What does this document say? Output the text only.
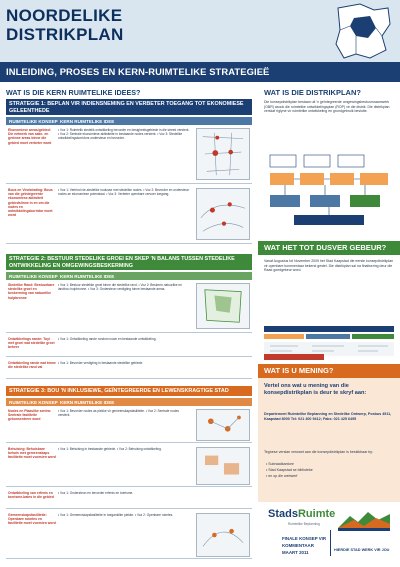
NOORDELIKE
DISTRIKPLAN
INLEIDING, PROSES EN KERN-RUIMTELIKE STRATEGIEË
WAT IS DIE KERN RUIMTELIKE IDEES?
STRATEGIE 1: BEPLAN VIR INDIENSNEMING EN VERBETER TOEGANG TOT EKONOMIESE GELEENTHEDE
RUIMTELIKE KONSEP KERN RUIMTELIKE IDEE
Ekonomiese areas/gebied: Die netwerk van sake- en geriewe areas binne die gebied moet verbeter word
• Voz 1: Ruimtelik stedelik ontwikkeling bevorder en besigheidsgebiede in die streek versterk. • Voz 2: Sentrale ekonomiese aktiwiteite in bestaande nodes versterk. • Voz 3: Stedelike ontwikkelingskorridors ondersteun en bevorder.
Bous en Vindstrating: Bous van die geïntegreerde ekonomiese aktiwiteit gebiedslinne in en om die nodes en ontwikkelingskorridor moet word
• Voz 1: Verbind nie-stedelike nodusse met stedelike nodes. • Voz 2: Bevorder en ondersteun nodes se ekonomiese potensiaal. • Voz 3: Verbeter openbare vervoer toegang.
STRATEGIE 2: BESTUUR STEDELIKE GROEI EN SKEP 'N BALANS TUSSEN STEDELIKE ONTWIKKELING EN OMGEWINGSBESKERMING
RUIMTELIKE KONSEP KERN RUIMTELIKE IDEE
Stedelike Rand: Bestuurbare stedelike groei en beskerming van natuurlike hulpbronne
• Voz 1: Bestuur stedelike groei binne die stedelike rand. • Voz 2: Beskerm natuurlike en landbou hulpbronne. • Voz 3: Ondersteun verdigting binne bestaande areas.
Ontwikkelings rande: Tuyl met groei wat stedelike groei beheer
• Voz 1: Ontwikkeling rande rondom nuwe en bestaande ontwikkeling.
Ontwikkeling rande wat binne die stedelike rand val
• Voz 1: Bevorder verdigting in bestaande stedelike gebiede.
STRATEGIE 3: BOU 'N INKLUSIEWE, GEÏNTEGREERDE EN LEWENSKRAGTIGE STAD
RUIMTELIKE KONSEP KERN RUIMTELIKE IDEE
Nodes en Plaaslike sentra: Sentrale fasiliteite gekonsentreer word
• Voz 1: Bevorder nodes as plekke vir gemeenskapsfasiliteite. • Voz 2: Sentrale nodes versterk.
Behuising: Behuisbare behuis met gemeenskaps fasiliteite moet voorsien word
• Voz 1: Behuising in bestaande gebiede. • Voz 2: Behuising ontwikkeling.
Ontwikkeling van erfenis en toerisme-bates in die gebied
• Voz 1: Ondersteun en bevorder erfenis en toerisme.
Gemeenskapsfasiliteite: Openbare ruimtes en fasiliteite moet voorsien word
• Voz 1: Gemeenskapsfasiliteite in toeganklike plekke. • Voz 2: Openbare ruimtes.
WAT IS DIE DISTRIKPLAN?
Die konsepdistrikplan bestaan uit 'n geïntegreerde omgewingsbestuursraamwerk (OBR) asook die ruimtelike ontwikkelingsplan (ROP) vir die distrik. Die distrikplan verskaf riglyne vir ruimtelike ontwikkeling en grondgebruik besluite.
WAT HET TOT DUSVER GEBEUR?
Vanaf Augustus tot November 2009 het Stad Kaapstad die eerste konsepdistrikplan vir openbare kommentaar bekend gestel. Die distrikplan sal na finalisering deur die Raad goedgekeur word.
WAT IS U MENING?
Vertel ons wat u mening van die konsepdistrikplan is deur te skryf aan:
Departement Ruimtelike Beplanning en Stedelike Ontwerp, Posbus 4511, Kaapstad 8000 Tel: 021 400 9412; Faks: 021 425 6495
Tegnese verslae verwant aan die konsepdistrikplan is beskikbaar by:
• Subraadkantore
• Stad Kaapstad se biblioteke
• en op die webwerf
StadsRuimte
Ruimtelike Beplanning
FINALE KONSEP VIR
KOMMENTAAR
MAART 2011	HIERDIE STAD WERK VIR JOU
